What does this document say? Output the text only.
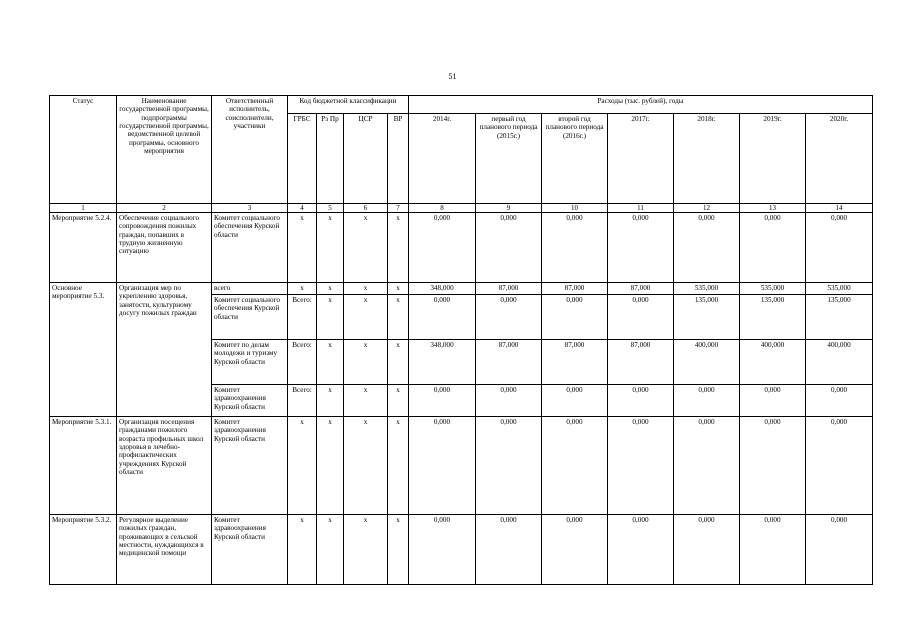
51
Статус	Наименование государственной программы, подпрограммы государственной программы, ведомственной целевой программы, основного мероприятия	Ответственный исполнитель, соисполнители, участники	Код бюджетной классификации				Расходы (тыс. рублей), годы						
			ГРБС	Рз Пр	ЦСР	ВР	2014г.	первый год планового периода (2015г.)	второй год планового периода (2016г.)	2017г.	2018г.	2019г.	2020г.
1	2	3	4	5	6	7	8	9	10	11	12	13	14
Мероприятие 5.2.4.	Обеспечение социального сопровождения пожилых граждан, попавших в трудную жизненную ситуацию	Комитет социального обеспечения Курской области	х	х	х	х	0,000	0,000	0,000	0,000	0,000	0,000	0,000
Основное мероприятие 5.3.	Организация мер по укреплению здоровья, занятости, культурному досугу пожилых граждан	всего	х	х	х	х	348,000	87,000	87,000	87,000	535,000	535,000	535,000
		Комитет социального обеспечения Курской области	Всего:	х	х	х	0,000	0,000	0,000	0,000	135,000	135,000	135,000
		Комитет по делам молодежи и туризму Курской области	Всего:	х	х	х	348,000	87,000	87,000	87,000	400,000	400,000	400,000
		Комитет здравоохранения Курской области	Всего:	х	х	х	0,000	0,000	0,000	0,000	0,000	0,000	0,000
Мероприятие 5.3.1.	Организация посещения гражданами пожилого возраста профильных школ здоровья в лечебно-профилактических учреждениях Курской области	Комитет здравоохранения Курской области	х	х	х	х	0,000	0,000	0,000	0,000	0,000	0,000	0,000
Мероприятие 5.3.2.	Регулярное выделение пожилых граждан, проживающих в сельской местности, нуждающихся в медицинской помощи	Комитет здравоохранения Курской области	х	х	х	х	0,000	0,000	0,000	0,000	0,000	0,000	0,000
